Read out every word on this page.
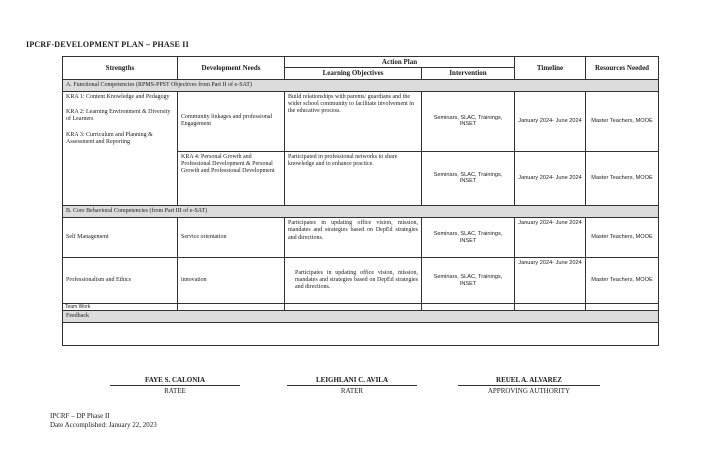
IPCRF-DEVELOPMENT PLAN – PHASE II
Strengths	Development Needs	Action Plan		Timeline	Resources Needed
		Learning Objectives	Intervention		
A. Functional Competencies (RPMS-PPST Objectives from Part II of e-SAT)					
KRA 1: Content Knowledge and Pedagogy
KRA 2: Learning Environment & Diversity of Learners
KRA 3: Curriculum and Planning & Assessment and Reporting	Community linkages and professional Engagement	Build relationships with parents/ guardians and the wider school community to facilitate involvement in the educative process.	Seminars, SLAC, Trainings, INSET	January 2024- June 2024	Master Teachers, MOOE
	KRA 4: Personal Growth and Professional Development & Personal Growth and Professional Development	Participated in professional networks to share knowledge and to enhance practice.	Seminars, SLAC, Trainings, INSET	January 2024- June 2024	Master Teachers, MOOE
B. Core Behavioral Competencies (from Part III of e-SAT)					
Self Management	Service orientation	Participates in updating office vision, mission, mandates and strategies based on DepEd strategies and directions.	Seminars, SLAC, Trainings, INSET	January 2024- June 2024	Master Teachers, MOOE
Professionalism and Ethics	innovation	Participates in updating office vision, mission, mandates and strategies based on DepEd strategies and directions.	Seminars, SLAC, Trainings, INSET	January 2024- June 2024	Master Teachers, MOOE
Team Work					
Feedback					

FAYE S. CALONIA
RATEE
LEIGHLANI C. AVILA
RATER
REUEL A. ALVAREZ
APPROVING AUTHORITY
IPCRF – DP Phase II
Date Accomplished: January 22, 2023
